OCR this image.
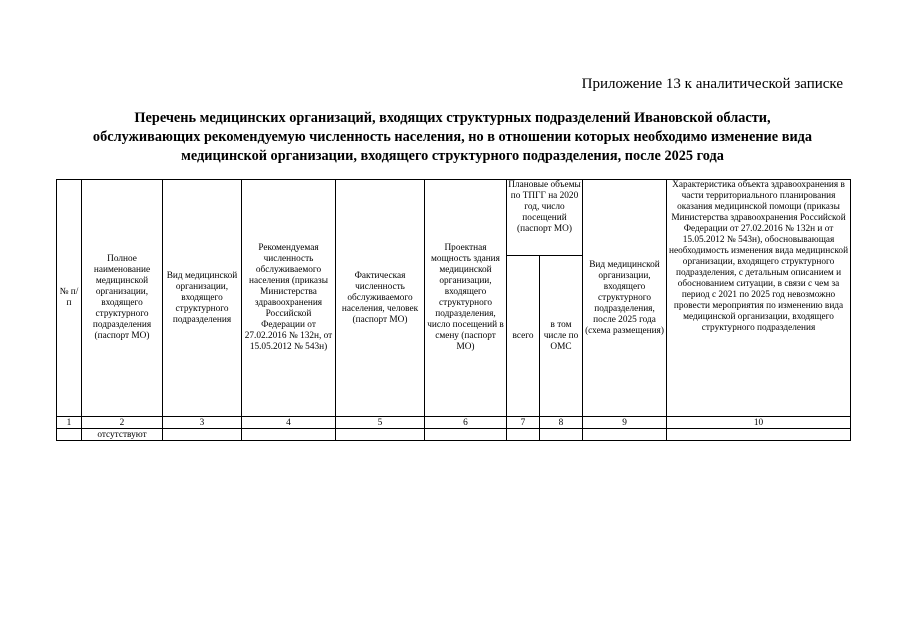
Приложение 13 к аналитической записке
Перечень медицинских организаций, входящих структурных подразделений Ивановской области,
обслуживающих рекомендуемую численность населения, но в отношении которых необходимо изменение вида
медицинской организации, входящего структурного подразделения, после 2025 года
№ п/п	Полное наименование медицинской организации, входящего структурного подразделения (паспорт МО)	Вид медицинской организации, входящего структурного подразделения	Рекомендуемая численность обслуживаемого населения (приказы Министерства здравоохранения Российской Федерации от 27.02.2016 № 132н, от 15.05.2012 № 543н)	Фактическая численность обслуживаемого населения, человек (паспорт МО)	Проектная мощность здания медицинской организации, входящего структурного подразделения, число посещений в смену (паспорт МО)	Плановые объемы по ТПГГ на 2020 год, число посещений (паспорт МО)		Вид медицинской организации, входящего структурного подразделения, после 2025 года (схема размещения)	Характеристика объекта здравоохранения в части территориального планирования оказания медицинской помощи (приказы Министерства здравоохранения Российской Федерации от 27.02.2016 № 132н и от 15.05.2012 № 543н), обосновывающая необходимость изменения вида медицинской организации, входящего структурного подразделения, с детальным описанием и обоснованием ситуации, в связи с чем за период с 2021 по 2025 год невозможно провести мероприятия по изменению вида медицинской организации, входящего структурного подразделения
						всего	в том числе по ОМС		
1	2	3	4	5	6	7	8	9	10
	отсутствуют								
